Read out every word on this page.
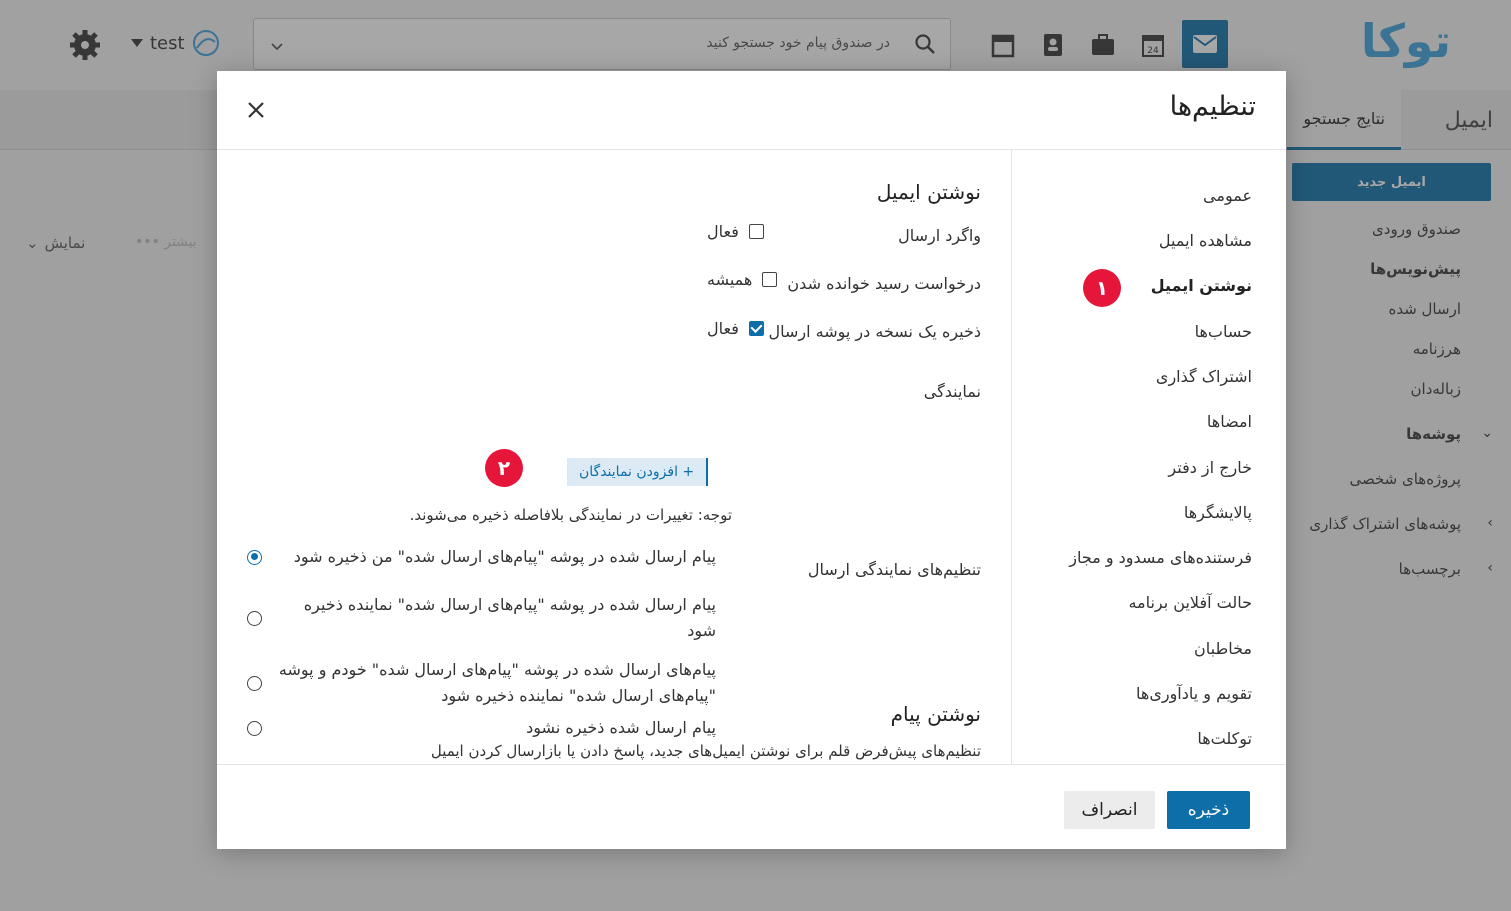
توکا
24
در صندوق پیام خود جستجو کنید
test
ایمیل
نتایج جستجو
ایمیل جدید
صندوق ورودی
پیش‌نویس‌ها
ارسال شده
هرزنامه
زباله‌دان
پوشه‌ها ⌄
پروژه‌های شخصی
پوشه‌های اشتراک گذاری ‹
برچسب‌ها ‹
نمایش
⌄	••• بیشتر
تنظیم‌ها
عمومی
مشاهده ایمیل
نوشتن ایمیل
حساب‌ها
اشتراک گذاری
امضاها
خارج از دفتر
پالایشگرها
فرستنده‌های مسدود و مجاز
حالت آفلاین برنامه
مخاطبان
تقویم و یادآوری‌ها
توکلت‌ها
۱
نوشتن ایمیل
واگرد ارسال
فعال
درخواست رسید خوانده شدن
همیشه
ذخیره یک نسخه در پوشه ارسال
فعال
نمایندگی
+ افزودن نمایندگان
۲
توجه: تغییرات در نمایندگی بلافاصله ذخیره می‌شوند.
تنظیم‌های نمایندگی ارسال
پیام ارسال شده در پوشه "پیام‌های ارسال شده" من ذخیره شود
پیام ارسال شده در پوشه "پیام‌های ارسال شده" نماینده ذخیره شود
پیام‌های ارسال شده در پوشه "پیام‌های ارسال شده" خودم و پوشه "پیام‌های ارسال شده" نماینده ذخیره شود
پیام ارسال شده ذخیره نشود
نوشتن پیام
تنظیم‌های پیش‌فرض قلم برای نوشتن ایمیل‌های جدید، پاسخ دادن یا بازارسال کردن ایمیل
ذخیره
انصراف
